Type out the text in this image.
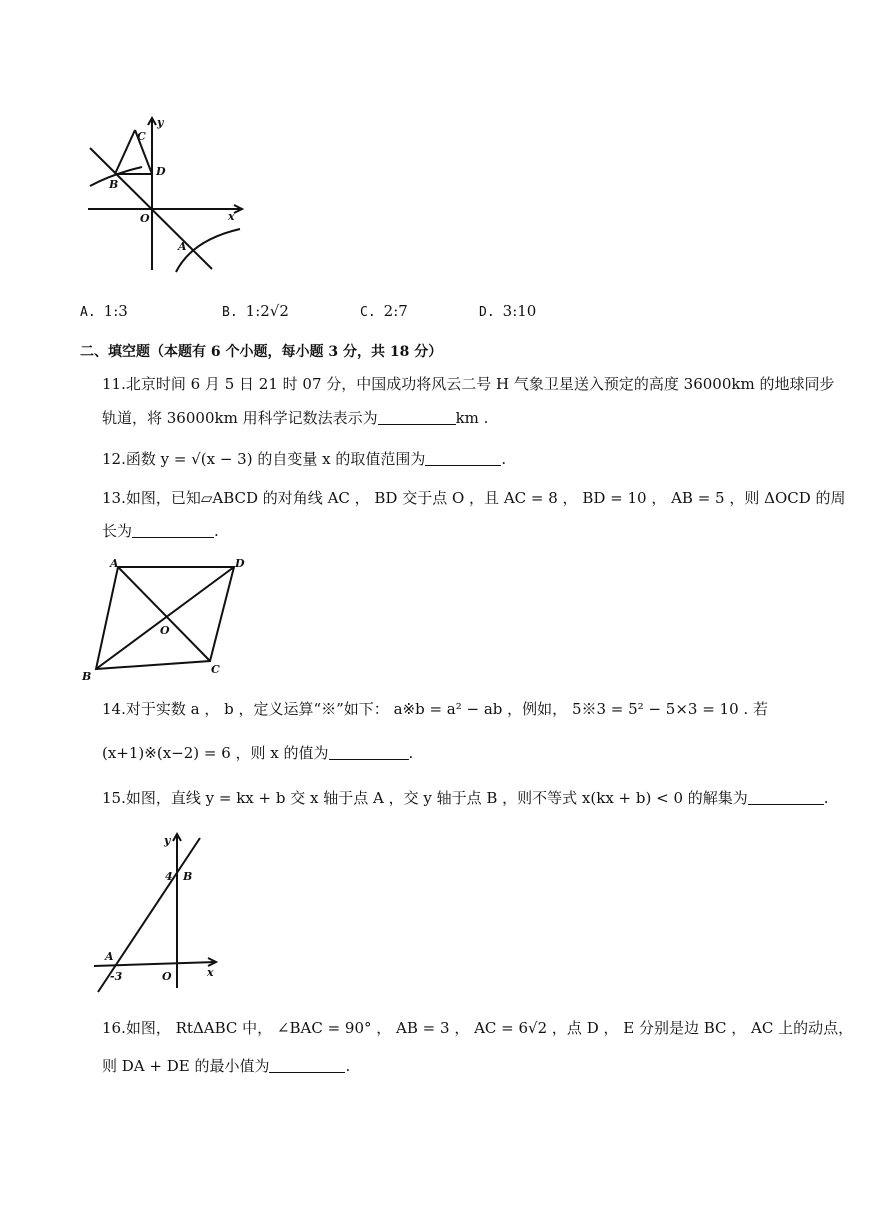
y
C
D
B
O	x
A
A. 1:3	B. 1:2√2	C. 2:7	D. 3:10
二、填空题（本题有 6 个小题，每小题 3 分，共 18 分）
11.北京时间 6 月 5 日 21 时 07 分，中国成功将风云二号 H 气象卫星送入预定的高度 36000km 的地球同步
轨道，将 36000km 用科学记数法表示为	km .
12.函数 y = √(x − 3) 的自变量 x 的取值范围为	.
13.如图，已知▱ABCD 的对角线 AC ， BD 交于点 O ，且 AC = 8 ， BD = 10 ， AB = 5 ，则 ΔOCD 的周
长为	.
A	D
O
B
C
14.对于实数 a ， b ，定义运算“※”如下： a※b = a² − ab ，例如， 5※3 = 5² − 5×3 = 10 . 若
(x+1)※(x−2) = 6 ，则 x 的值为	.
15.如图，直线 y = kx + b 交 x 轴于点 A ，交 y 轴于点 B ，则不等式 x(kx + b) < 0 的解集为	.
y
4 B
A
-3	O	x
16.如图， RtΔABC 中， ∠BAC = 90° ， AB = 3 ， AC = 6√2 ，点 D ， E 分别是边 BC ， AC 上的动点，
则 DA + DE 的最小值为	.
